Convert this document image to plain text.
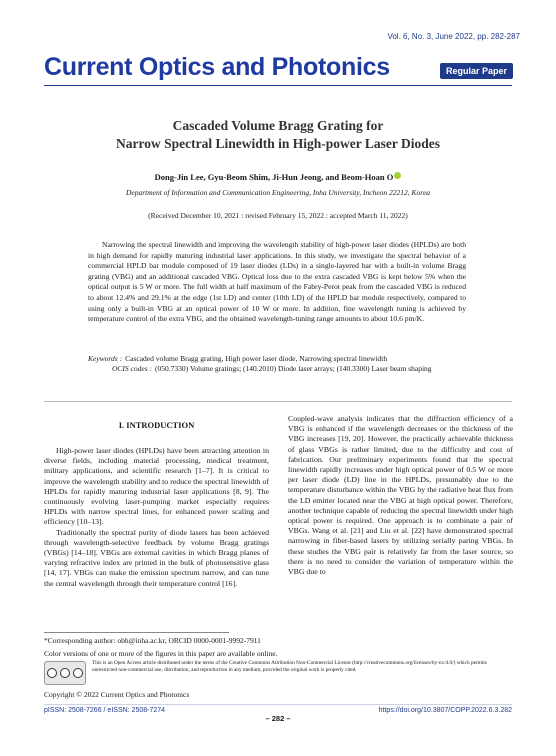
Vol. 6, No. 3, June 2022, pp. 282-287
Current Optics and Photonics	Regular Paper
Cascaded Volume Bragg Grating for
Narrow Spectral Linewidth in High-power Laser Diodes
Dong-Jin Lee, Gyu-Beom Shim, Ji-Hun Jeong, and Beom-Hoan O
Department of Information and Communication Engineering, Inha University, Incheon 22212, Korea
(Received December 10, 2021 : revised February 15, 2022 : accepted March 11, 2022)

Narrowing the spectral linewidth and improving the wavelength stability of high-power laser diodes (HPLDs) are both in high demand for rapidly maturing industrial laser applications. In this study, we investigate the spectral behavior of a commercial HPLD bar module composed of 19 laser diodes (LDs) in a single-layered bar with a built-in volume Bragg grating (VBG) and an additional cascaded VBG. Optical loss due to the extra cascaded VBG is kept below 5% when the optical output is 5 W or more. The full width at half maximum of the Fabry-Perot peak from the cascaded VBG is reduced to about 12.4% and 29.1% at the edge (1st LD) and center (10th LD) of the HPLD bar module respectively, compared to using only a built-in VBG at an optical power of 10 W or more. In addition, fine wavelength tuning is achieved by temperature control of the extra VBG, and the obtained wavelength-tuning range amounts to about 10.6 pm/K.

Keywords : Cascaded volume Bragg grating, High power laser diode, Narrowing spectral linewidth
OCIS codes : (050.7330) Volume gratings; (140.2010) Diode laser arrays; (140.3300) Laser beam shaping
I. INTRODUCTION

High-power laser diodes (HPLDs) have been attracting attention in diverse fields, including material processing, medical treatment, military applications, and scientific research [1–7]. It is critical to improve the wavelength stability and to reduce the spectral linewidth of HPLDs for rapidly maturing industrial laser applications [8, 9]. The continuously evolving laser-pumping market especially requires HPLDs with narrow spectral lines, for enhanced power scaling and efficiency [10–13].

Traditionally the spectral purity of diode lasers has been achieved through wavelength-selective feedback by volume Bragg gratings (VBGs) [14–18]. VBGs are external cavities in which Bragg planes of varying refractive index are printed in the bulk of photosensitive glass [14, 17]. VBGs can make the emission spectrum narrow, and can tune the central wavelength through their temperature control [16].

Coupled-wave analysis indicates that the diffraction efficiency of a VBG is enhanced if the wavelength decreases or the thickness of the VBG increases [19, 20]. However, the practically achievable thickness of glass VBGs is rather limited, due to the difficulty and cost of fabrication. Our preliminary experiments found that the spectral linewidth rapidly increases under high optical power of 0.5 W or more per laser diode (LD) line in the HPLDs, presumably due to the temperature disturbance within the VBG by the radiative heat flux from the LD emitter located near the VBG at high optical power. Therefore, another technique capable of reducing the spectral linewidth under high optical power is required. One approach is to combinate a pair of VBGs. Wang et al. [21] and Liu et al. [22] have demonstrated spectral narrowing in fiber-based lasers by utilizing serially paring VBGs. In these studies the VBG pair is relatively far from the laser source, so there is no need to consider the variation of temperature within the VBG due to

*Corresponding author: obh@inha.ac.kr, ORCID 0000-0001-9992-7911
Color versions of one or more of the figures in this paper are available online.
This is an Open Access article distributed under the terms of the Creative Commons Attribution Non-Commercial License (http://creativecommons.org/licenses/by-nc/4.0/) which permits unrestricted non-commercial use, distribution, and reproduction in any medium, provided the original work is properly cited.
Copyright © 2022 Current Optics and Photonics
pISSN: 2508-7266 / eISSN: 2508-7274	https://doi.org/10.3807/COPP.2022.6.3.282
– 282 –
